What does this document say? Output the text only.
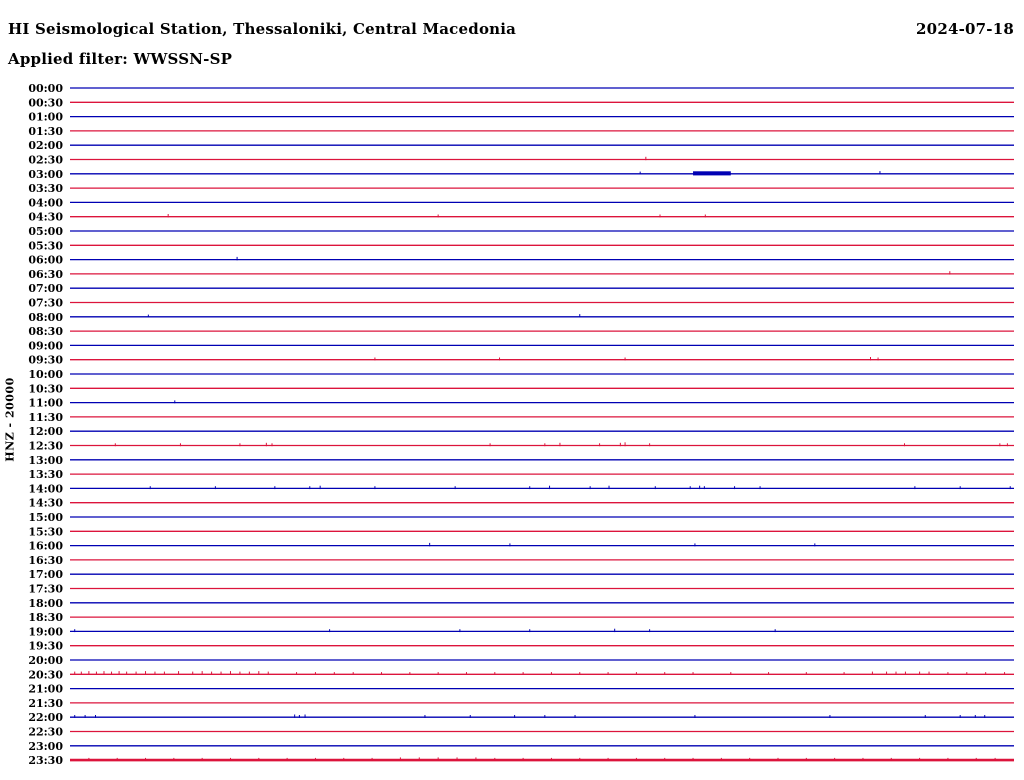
HI Seismological Station, Thessaloniki, Central Macedonia	2024-07-18
Applied filter: WWSSN-SP
HNZ - 20000
00:00
00:30
01:00
01:30
02:00
02:30
03:00
03:30
04:00
04:30
05:00
05:30
06:00
06:30
07:00
07:30
08:00
08:30
09:00
09:30
10:00
10:30
11:00
11:30
12:00
12:30
13:00
13:30
14:00
14:30
15:00
15:30
16:00
16:30
17:00
17:30
18:00
18:30
19:00
19:30
20:00
20:30
21:00
21:30
22:00
22:30
23:00
23:30
